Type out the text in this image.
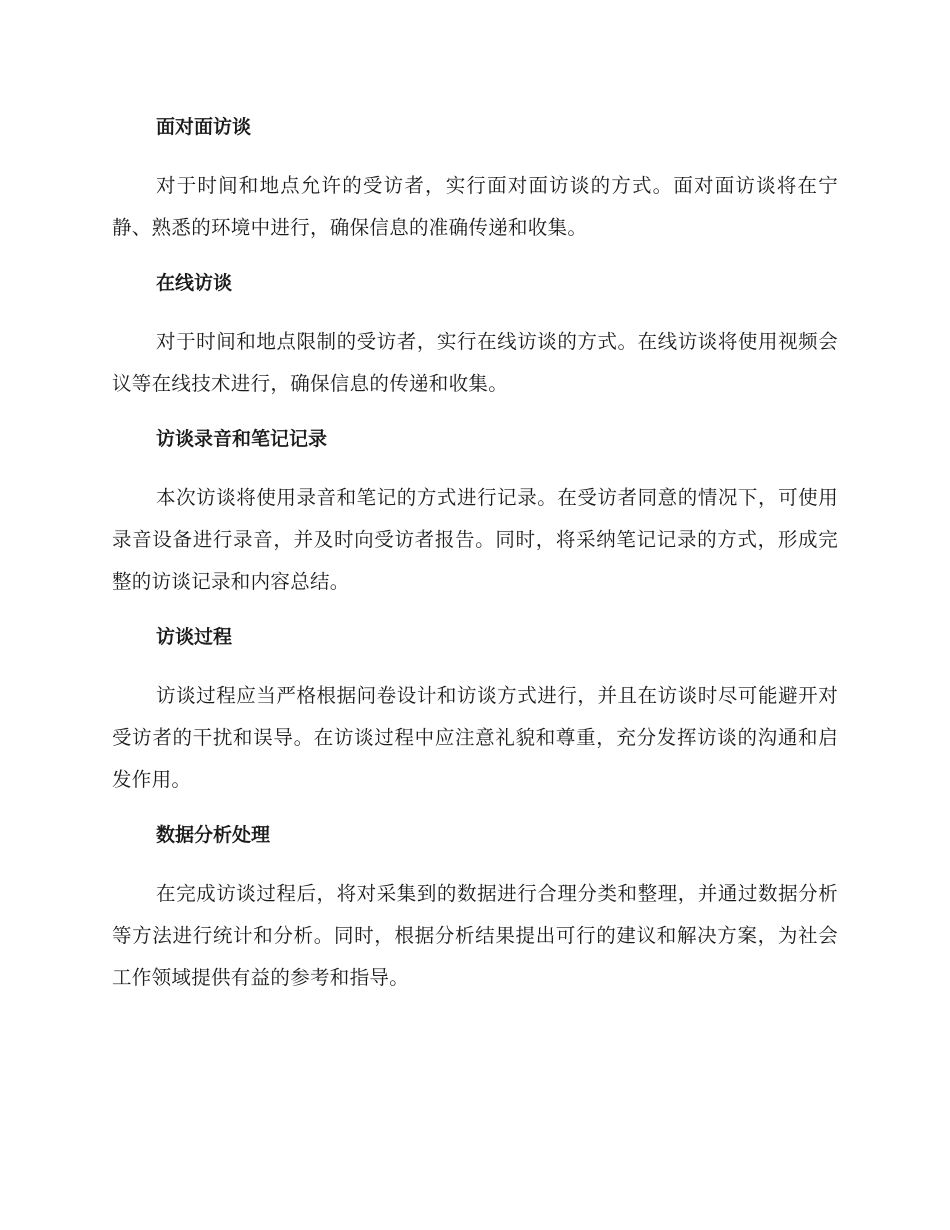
面对面访谈

对于时间和地点允许的受访者，实行面对面访谈的方式。面对面访谈将在宁静、熟悉的环境中进行，确保信息的准确传递和收集。

在线访谈

对于时间和地点限制的受访者，实行在线访谈的方式。在线访谈将使用视频会议等在线技术进行，确保信息的传递和收集。

访谈录音和笔记记录

本次访谈将使用录音和笔记的方式进行记录。在受访者同意的情况下，可使用录音设备进行录音，并及时向受访者报告。同时，将采纳笔记记录的方式，形成完整的访谈记录和内容总结。

访谈过程

访谈过程应当严格根据问卷设计和访谈方式进行，并且在访谈时尽可能避开对受访者的干扰和误导。在访谈过程中应注意礼貌和尊重，充分发挥访谈的沟通和启发作用。

数据分析处理

在完成访谈过程后，将对采集到的数据进行合理分类和整理，并通过数据分析等方法进行统计和分析。同时，根据分析结果提出可行的建议和解决方案，为社会工作领域提供有益的参考和指导。
